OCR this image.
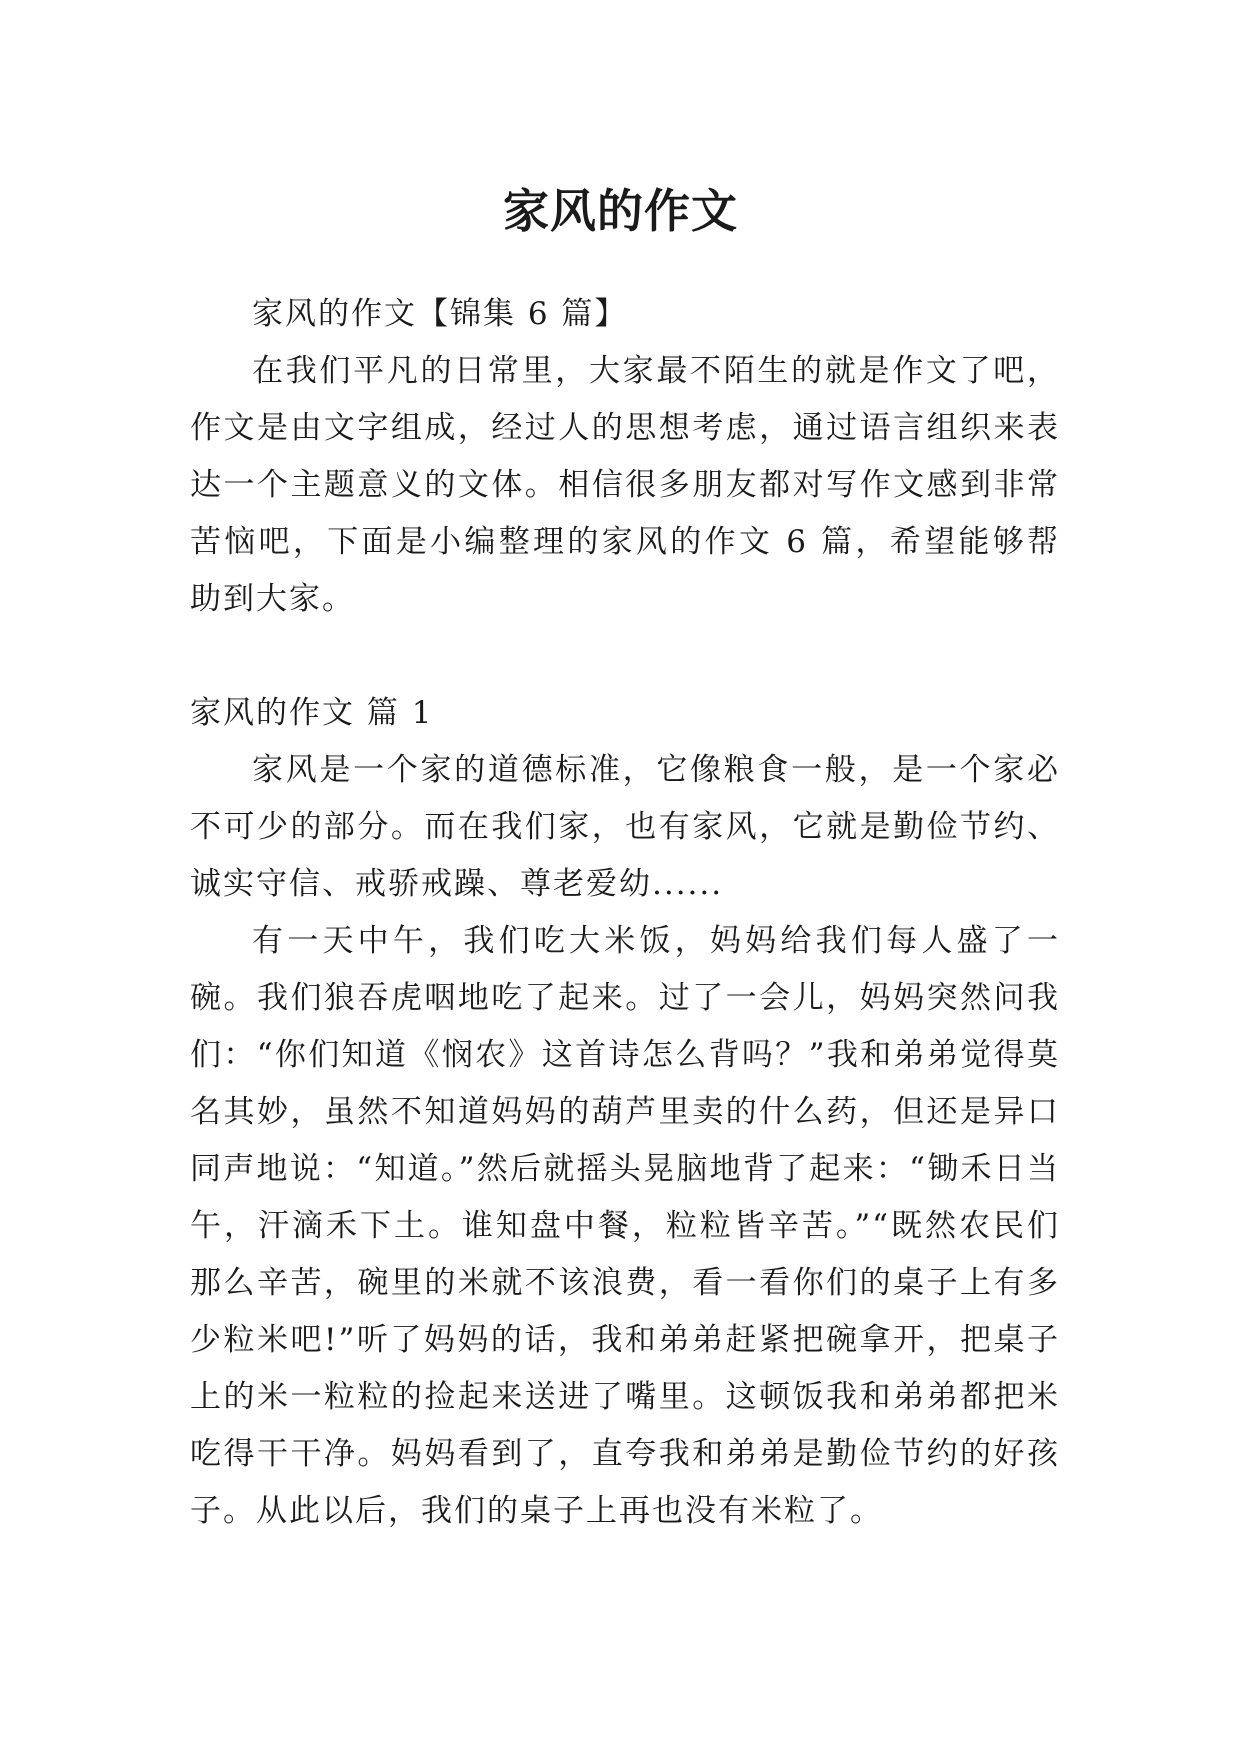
家风的作文

家风的作文【锦集 6 篇】

在我们平凡的日常里，大家最不陌生的就是作文了吧，作文是由文字组成，经过人的思想考虑，通过语言组织来表达一个主题意义的文体。相信很多朋友都对写作文感到非常苦恼吧，下面是小编整理的家风的作文 6 篇，希望能够帮助到大家。

家风的作文 篇 1

家风是一个家的道德标准，它像粮食一般，是一个家必不可少的部分。而在我们家，也有家风，它就是勤俭节约、诚实守信、戒骄戒躁、尊老爱幼......

有一天中午，我们吃大米饭，妈妈给我们每人盛了一碗。我们狼吞虎咽地吃了起来。过了一会儿，妈妈突然问我们：“你们知道《悯农》这首诗怎么背吗？”我和弟弟觉得莫名其妙，虽然不知道妈妈的葫芦里卖的什么药，但还是异口同声地说：“知道。”然后就摇头晃脑地背了起来：“锄禾日当午，汗滴禾下土。谁知盘中餐，粒粒皆辛苦。”“既然农民们那么辛苦，碗里的米就不该浪费，看一看你们的桌子上有多少粒米吧!”听了妈妈的话，我和弟弟赶紧把碗拿开，把桌子上的米一粒粒的捡起来送进了嘴里。这顿饭我和弟弟都把米吃得干干净。妈妈看到了，直夸我和弟弟是勤俭节约的好孩子。从此以后，我们的桌子上再也没有米粒了。
